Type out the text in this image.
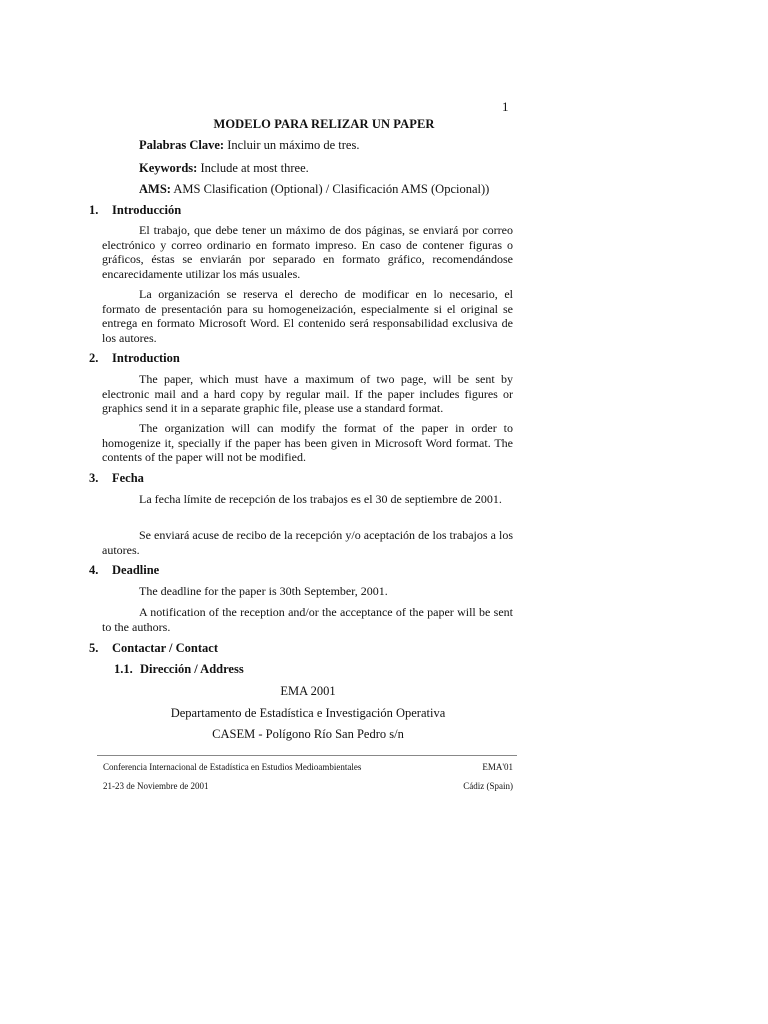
1
MODELO PARA RELIZAR UN PAPER
Palabras Clave: Incluir un máximo de tres.
Keywords: Include at most three.
AMS: AMS Clasification (Optional) / Clasificación AMS (Opcional))
1. Introducción
El trabajo, que debe tener un máximo de dos páginas, se enviará por correo electrónico y correo ordinario en formato impreso. En caso de contener figuras o gráficos, éstas se enviarán por separado en formato gráfico, recomendándose encarecidamente utilizar los más usuales.
La organización se reserva el derecho de modificar en lo necesario, el formato de presentación para su homogeneización, especialmente si el original se entrega en formato Microsoft Word. El contenido será responsabilidad exclusiva de los autores.
2. Introduction
The paper, which must have a maximum of two page, will be sent by electronic mail and a hard copy by regular mail. If the paper includes figures or graphics send it in a separate graphic file, please use a standard format.
The organization will can modify the format of the paper in order to homogenize it, specially if the paper has been given in Microsoft Word format. The contents of the paper will not be modified.
3. Fecha
La fecha límite de recepción de los trabajos es el 30 de septiembre de 2001.
Se enviará acuse de recibo de la recepción y/o aceptación de los trabajos a los autores.
4. Deadline
The deadline for the paper is 30th September, 2001.
A notification of the reception and/or the acceptance of the paper will be sent to the authors.
5. Contactar / Contact
1.1. Dirección / Address
EMA 2001
Departamento de Estadística e Investigación Operativa
CASEM - Polígono Río San Pedro s/n
Conferencia Internacional de Estadística en Estudios Medioambientales	EMA'01
21-23 de Noviembre de 2001	Cádiz (Spain)
